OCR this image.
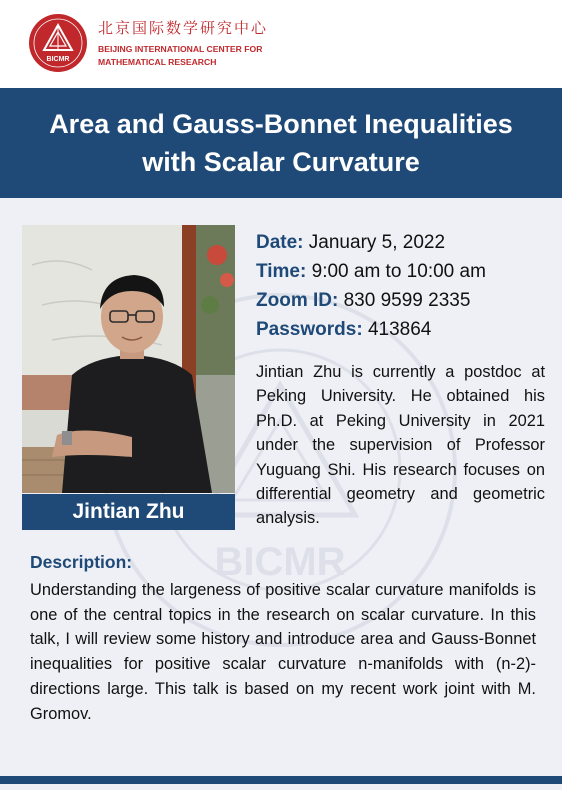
BICMR
北京国际数学研究中心
BEIJING INTERNATIONAL CENTER FOR
MATHEMATICAL RESEARCH
Area and Gauss-Bonnet Inequalities
with Scalar Curvature
BICMR
Jintian Zhu
Date: January 5, 2022
Time: 9:00 am to 10:00 am
Zoom ID: 830 9599 2335
Passwords: 413864
Jintian Zhu is currently a postdoc at Peking University. He obtained his Ph.D. at Peking University in 2021 under the supervision of Professor Yuguang Shi. His research focuses on differential geometry and geometric analysis.
Description:
Understanding the largeness of positive scalar curvature manifolds is one of the central topics in the research on scalar curvature. In this talk, I will review some history and introduce area and Gauss-Bonnet inequalities for positive scalar curvature n-manifolds with (n-2)-directions large. This talk is based on my recent work joint with M. Gromov.
